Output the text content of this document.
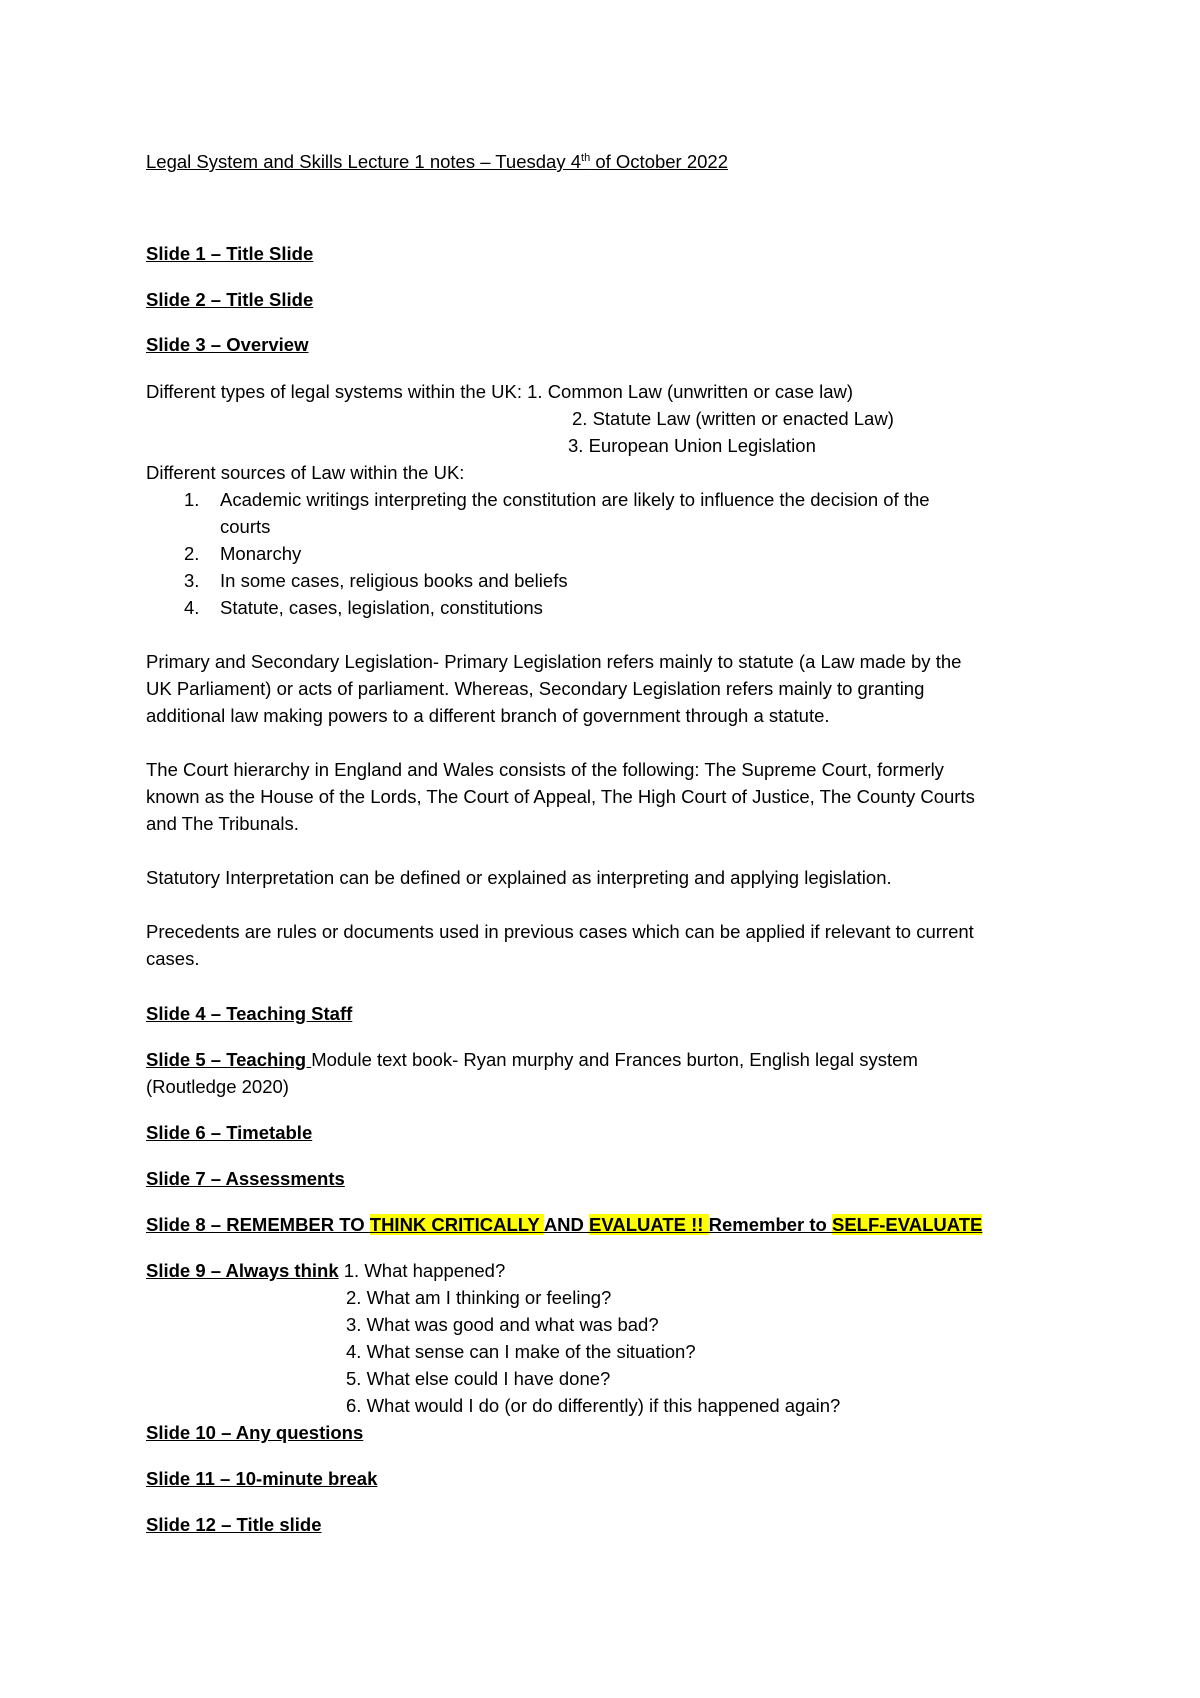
Legal System and Skills Lecture 1 notes – Tuesday 4th of October 2022
Slide 1 – Title Slide
Slide 2 – Title Slide
Slide 3 – Overview
Different types of legal systems within the UK: 1. Common Law (unwritten or case law)
2. Statute Law (written or enacted Law)
3. European Union Legislation
Different sources of Law within the UK:
1. Academic writings interpreting the constitution are likely to influence the decision of the
courts
2. Monarchy
3. In some cases, religious books and beliefs
4. Statute, cases, legislation, constitutions
Primary and Secondary Legislation- Primary Legislation refers mainly to statute (a Law made by the
UK Parliament) or acts of parliament. Whereas, Secondary Legislation refers mainly to granting
additional law making powers to a different branch of government through a statute.
The Court hierarchy in England and Wales consists of the following: The Supreme Court, formerly
known as the House of the Lords, The Court of Appeal, The High Court of Justice, The County Courts
and The Tribunals.
Statutory Interpretation can be defined or explained as interpreting and applying legislation.
Precedents are rules or documents used in previous cases which can be applied if relevant to current
cases.
Slide 4 – Teaching Staff
Slide 5 – Teaching Module text book- Ryan murphy and Frances burton, English legal system
(Routledge 2020)
Slide 6 – Timetable
Slide 7 – Assessments
Slide 8 – REMEMBER TO THINK CRITICALLY AND EVALUATE !! Remember to SELF-EVALUATE
Slide 9 – Always think 1. What happened?
2. What am I thinking or feeling?
3. What was good and what was bad?
4. What sense can I make of the situation?
5. What else could I have done?
6. What would I do (or do differently) if this happened again?
Slide 10 – Any questions
Slide 11 – 10-minute break
Slide 12 – Title slide
